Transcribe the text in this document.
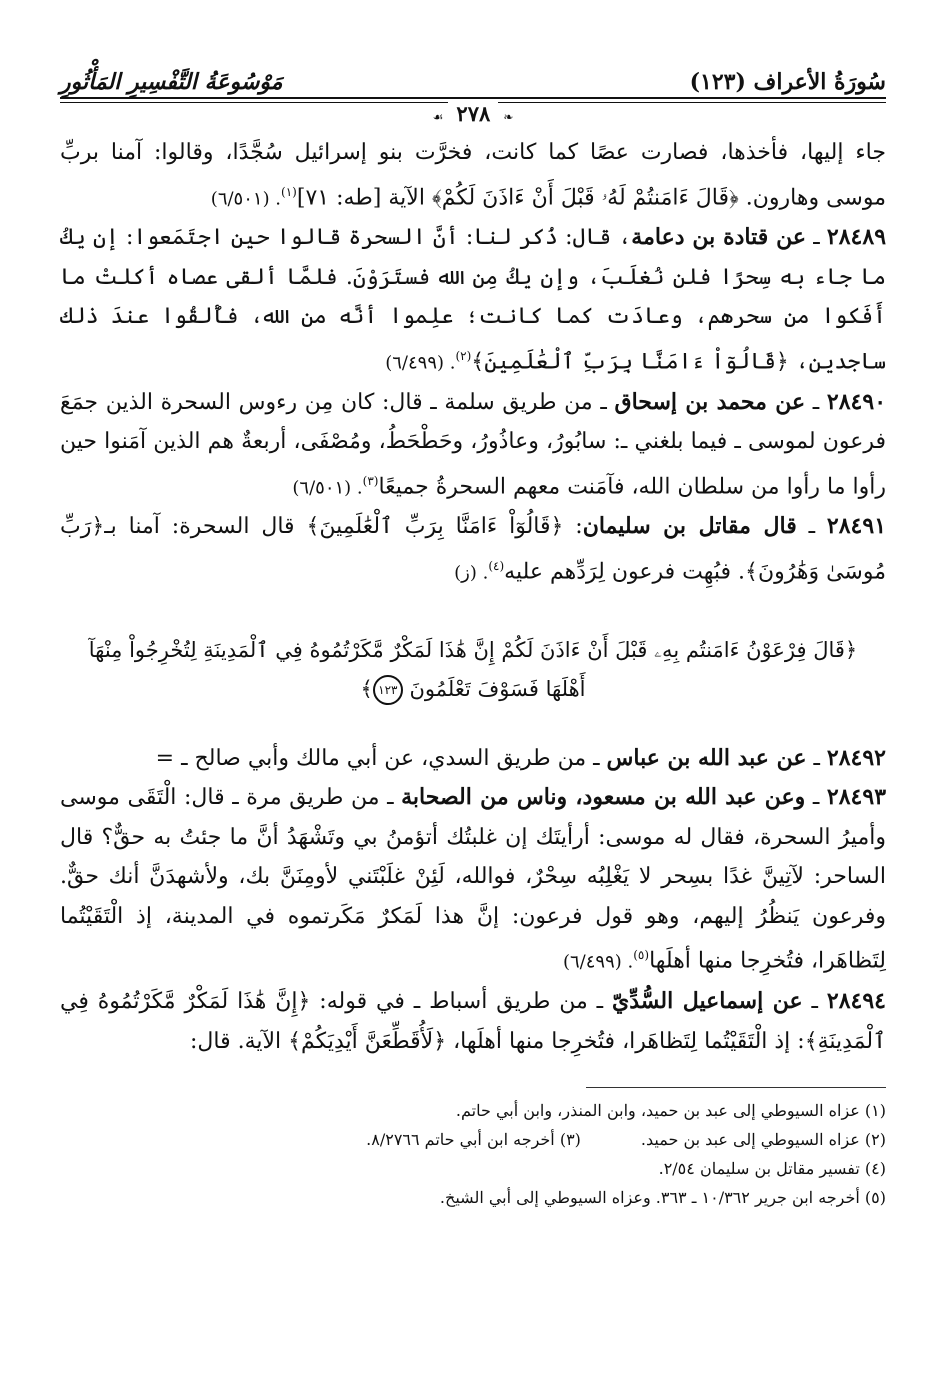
سُورَةُ الأعراف (١٢٣)
مَوْسُوعَةُ التَّفْسِيرِ المَأْثُورِ
❧ ٢٧٨ ☙

جاء إليها، فأخذها، فصارت عصًا كما كانت، فخرَّت بنو إسرائيل سُجَّدًا، وقالوا: آمنا بربِّ موسى وهارون. ﴿قَالَ ءَامَنتُمْ لَهُۥ قَبْلَ أَنْ ءَاذَنَ لَكُمْ﴾ الآية [طه: ٧١]$^{(١)}$. (٦/٥٠١)

٢٨٤٨٩ ـ عن قتادة بن دعامة، قال: ذُكر لنا: أنَّ السحرة قالوا حين اجتَمَعوا: إن يكُ ما جاء به سِحرًا فلن نُغلَبَ، وإن يكُ مِن الله فستَرَوْنَ. فلمَّا ألقى عصاه أكلتْ ما أَفَكوا من سحرهم، وعادَت كما كانت؛ علِموا أنَّه من الله، فأُلقُوا عندَ ذلك ساجدين، ﴿قَالُوٓاْ ءَامَنَّا بِرَبِّ ٱلْعَٰلَمِينَ﴾$^{(٢)}$. (٦/٤٩٩)

٢٨٤٩٠ ـ عن محمد بن إسحاق ـ من طريق سلمة ـ قال: كان مِن رءوس السحرة الذين جمَعَ فرعون لموسى ـ فيما بلغني ـ: سابُورُ، وعاذُورُ، وحَطْحَطُ، ومُصْفَى، أربعةٌ هم الذين آمَنوا حين رأوا ما رأوا من سلطان الله، فآمَنت معهم السحرةُ جميعًا$^{(٣)}$. (٦/٥٠١)

٢٨٤٩١ ـ قال مقاتل بن سليمان: ﴿قَالُوٓاْ ءَامَنَّا بِرَبِّ ٱلْعَٰلَمِينَ﴾ قال السحرة: آمنا بـ﴿رَبِّ مُوسَىٰ وَهَٰرُونَ﴾. فبُهِت فرعون لِرَدِّهم عليه$^{(٤)}$. (ز)

﴿قَالَ فِرْعَوْنُ ءَامَنتُم بِهِۦ قَبْلَ أَنْ ءَاذَنَ لَكُمْ إِنَّ هَٰذَا لَمَكْرٌ مَّكَرْتُمُوهُ فِي ٱلْمَدِينَةِ لِتُخْرِجُواْ مِنْهَآ أَهْلَهَا فَسَوْفَ تَعْلَمُونَ ١٢٣﴾

٢٨٤٩٢ ـ عن عبد الله بن عباس ـ من طريق السدي، عن أبي مالك وأبي صالح ـ =

٢٨٤٩٣ ـ وعن عبد الله بن مسعود، وناس من الصحابة ـ من طريق مرة ـ قال: الْتَقَى موسى وأميرُ السحرة، فقال له موسى: أرأيتَك إن غلبتُك أتؤمنُ بي وتَشْهَدُ أنَّ ما جئتُ به حقٌّ؟ قال الساحر: لآتِينَّ غدًا بسِحر لا يَغْلِبُه سِحْرٌ، فوالله، لَئِنْ غلَبْتَني لأومِنَنَّ بك، ولأشهدَنَّ أنك حقٌّ. وفرعون يَنظُرُ إليهم، وهو قول فرعون: إنَّ هذا لَمَكرٌ مَكَرتموه في المدينة، إذ الْتَقَيْتُما لِتَظاهَرا، فتُخرِجا منها أهلَها$^{(٥)}$. (٦/٤٩٩)

٢٨٤٩٤ ـ عن إسماعيل السُّدِّيّ ـ من طريق أسباط ـ في قوله: ﴿إِنَّ هَٰذَا لَمَكْرٌ مَّكَرْتُمُوهُ فِي ٱلْمَدِينَةِ﴾: إذ الْتَقَيْتُما لِتَظاهَرا، فتُخرِجا منها أهلَها، ﴿لَأُقَطِّعَنَّ أَيْدِيَكُمْ﴾ الآية. قال:

(١) عزاه السيوطي إلى عبد بن حميد، وابن المنذر، وابن أبي حاتم.
(٢) عزاه السيوطي إلى عبد بن حميد.
(٣) أخرجه ابن أبي حاتم ٨/٢٧٦٦.
(٤) تفسير مقاتل بن سليمان ٢/٥٤.
(٥) أخرجه ابن جرير ١٠/٣٦٢ ـ ٣٦٣. وعزاه السيوطي إلى أبي الشيخ.
